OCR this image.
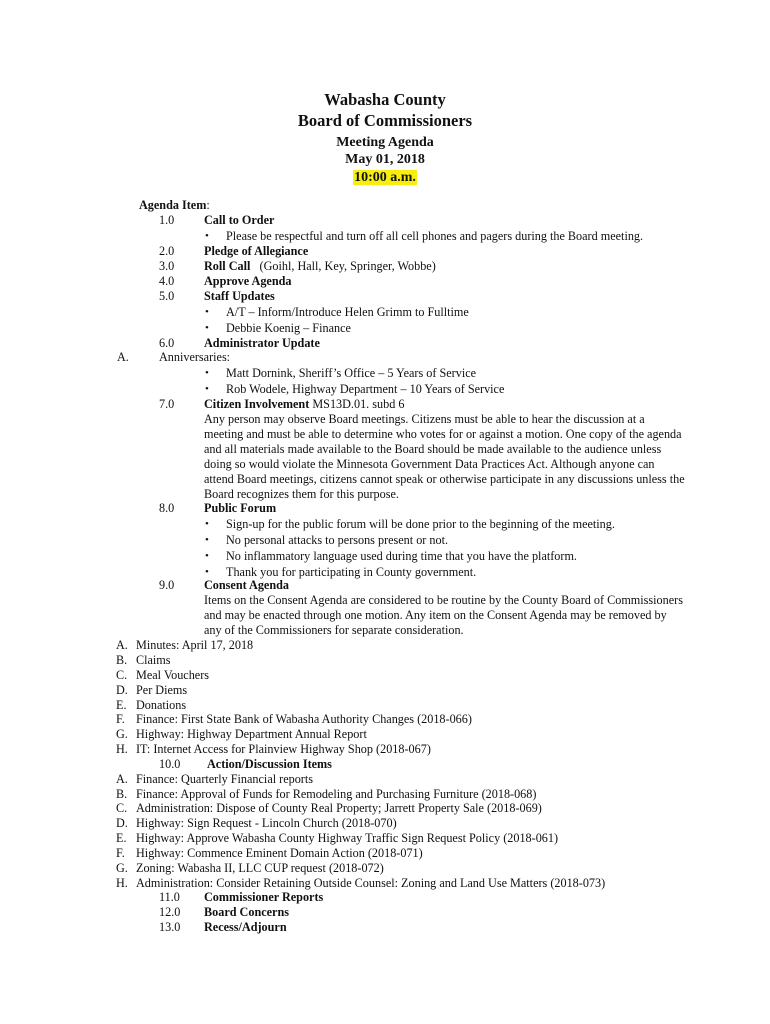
Wabasha County
Board of Commissioners
Meeting Agenda
May 01, 2018
10:00 a.m.
Agenda Item:
1.0 Call to Order
• Please be respectful and turn off all cell phones and pagers during the Board meeting.
2.0 Pledge of Allegiance
3.0 Roll Call (Goihl, Hall, Key, Springer, Wobbe)
4.0 Approve Agenda
5.0 Staff Updates
• A/T – Inform/Introduce Helen Grimm to Fulltime
• Debbie Koenig – Finance
6.0 Administrator Update
A. Anniversaries:
• Matt Dornink, Sheriff’s Office – 5 Years of Service
• Rob Wodele, Highway Department – 10 Years of Service
7.0 Citizen Involvement MS13D.01. subd 6
Any person may observe Board meetings. Citizens must be able to hear the discussion at a
meeting and must be able to determine who votes for or against a motion. One copy of the agenda
and all materials made available to the Board should be made available to the audience unless
doing so would violate the Minnesota Government Data Practices Act. Although anyone can
attend Board meetings, citizens cannot speak or otherwise participate in any discussions unless the
Board recognizes them for this purpose.
8.0 Public Forum
• Sign-up for the public forum will be done prior to the beginning of the meeting.
• No personal attacks to persons present or not.
• No inflammatory language used during time that you have the platform.
• Thank you for participating in County government.
9.0 Consent Agenda
Items on the Consent Agenda are considered to be routine by the County Board of Commissioners
and may be enacted through one motion. Any item on the Consent Agenda may be removed by
any of the Commissioners for separate consideration.
A. Minutes: April 17, 2018
B. Claims
C. Meal Vouchers
D. Per Diems
E. Donations
F. Finance: First State Bank of Wabasha Authority Changes (2018-066)
G. Highway: Highway Department Annual Report
H. IT: Internet Access for Plainview Highway Shop (2018-067)
10.0 Action/Discussion Items
A. Finance: Quarterly Financial reports
B. Finance: Approval of Funds for Remodeling and Purchasing Furniture (2018-068)
C. Administration: Dispose of County Real Property; Jarrett Property Sale (2018-069)
D. Highway: Sign Request - Lincoln Church (2018-070)
E. Highway: Approve Wabasha County Highway Traffic Sign Request Policy (2018-061)
F. Highway: Commence Eminent Domain Action (2018-071)
G. Zoning: Wabasha II, LLC CUP request (2018-072)
H. Administration: Consider Retaining Outside Counsel: Zoning and Land Use Matters (2018-073)
11.0 Commissioner Reports
12.0 Board Concerns
13.0 Recess/Adjourn
